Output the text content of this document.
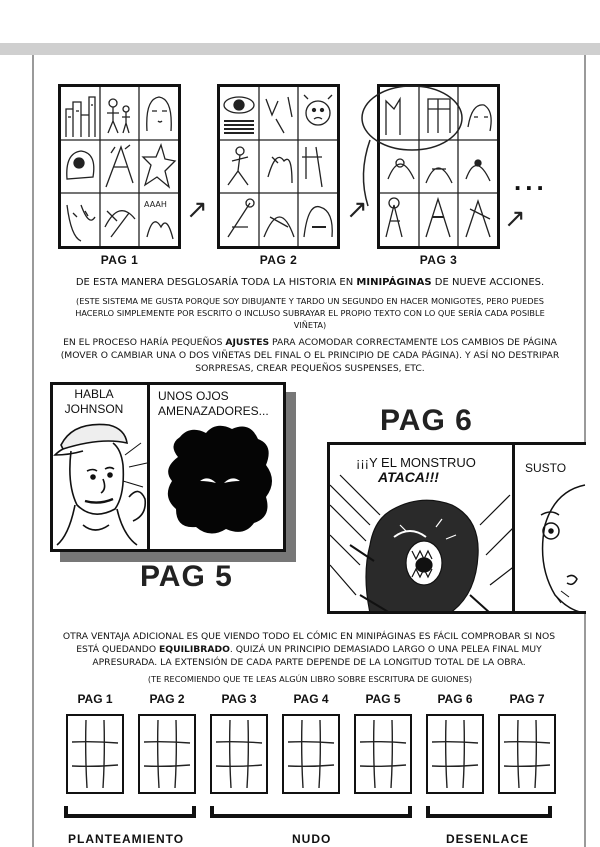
AAAH
PAG 1
↗
PAG 2
↗
PAG 3
↗
...
DE ESTA MANERA DESGLOSARÍA TODA LA HISTORIA EN MINIPÁGINAS DE NUEVE ACCIONES.
(ESTE SISTEMA ME GUSTA PORQUE SOY DIBUJANTE Y TARDO UN SEGUNDO EN HACER MONIGOTES, PERO PUEDES HACERLO SIMPLEMENTE POR ESCRITO O INCLUSO SUBRAYAR EL PROPIO TEXTO CON LO QUE SERÍA CADA POSIBLE VIÑETA)
EN EL PROCESO HARÍA PEQUEÑOS AJUSTES PARA ACOMODAR CORRECTAMENTE LOS CAMBIOS DE PÁGINA (MOVER O CAMBIAR UNA O DOS VIÑETAS DEL FINAL O EL PRINCIPIO DE CADA PÁGINA). Y ASÍ NO DESTRIPAR SORPRESAS, CREAR PEQUEÑOS SUSPENSES, ETC.
HABLA JOHNSON
UNOS OJOS AMENAZADORES...
PAG 5
PAG 6
¡¡¡Y EL MONSTRUO
ATACA!!!
SUSTO
OTRA VENTAJA ADICIONAL ES QUE VIENDO TODO EL CÓMIC EN MINIPÁGINAS ES FÁCIL COMPROBAR SI NOS ESTÁ QUEDANDO EQUILIBRADO. QUIZÁ UN PRINCIPIO DEMASIADO LARGO O UNA PELEA FINAL MUY APRESURADA. LA EXTENSIÓN DE CADA PARTE DEPENDE DE LA LONGITUD TOTAL DE LA OBRA.
(TE RECOMIENDO QUE TE LEAS ALGÚN LIBRO SOBRE ESCRITURA DE GUIONES)
PAG 1	PAG 2	PAG 3	PAG 4	PAG 5	PAG 6	PAG 7
PLANTEAMIENTO	NUDO	DESENLACE
